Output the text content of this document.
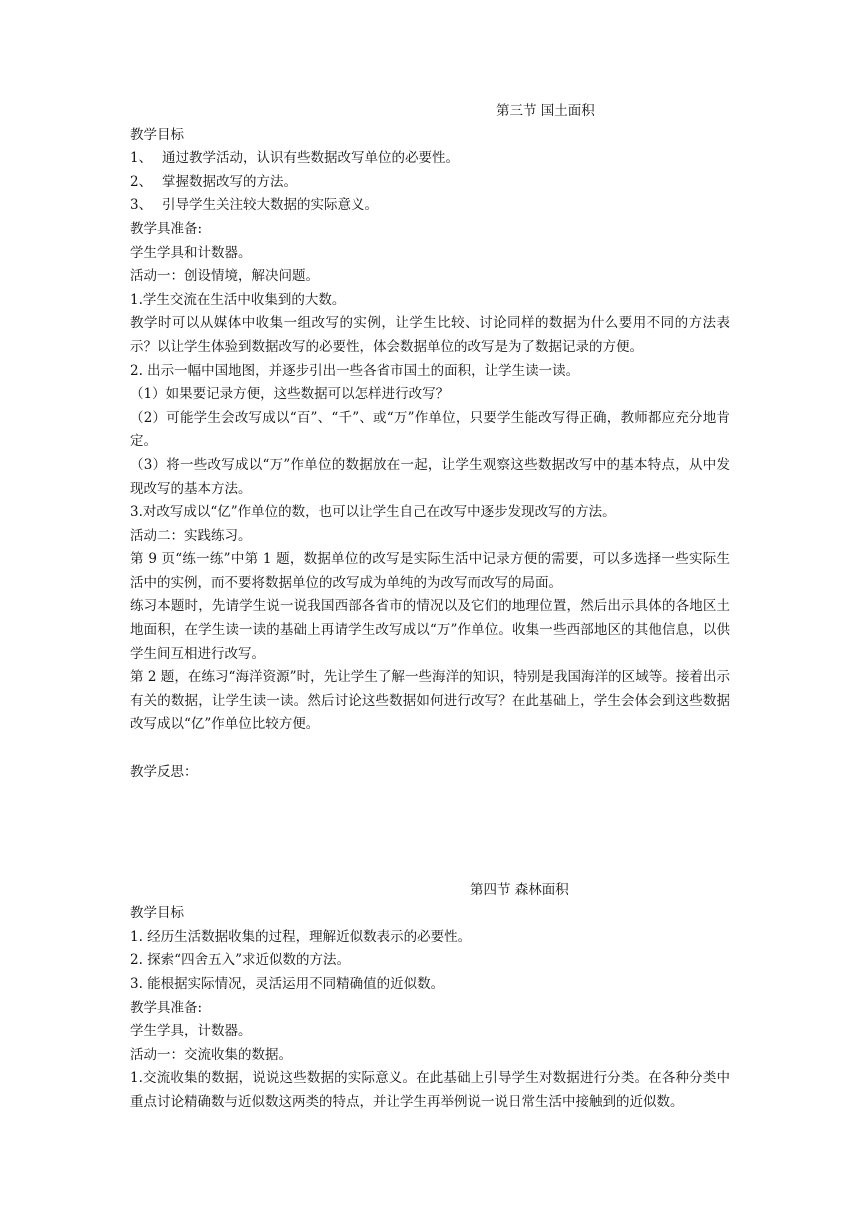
第三节 国土面积

教学目标

1、 通过教学活动，认识有些数据改写单位的必要性。

2、 掌握数据改写的方法。

3、 引导学生关注较大数据的实际意义。

教学具准备:

学生学具和计数器。

活动一：创设情境，解决问题。

1.学生交流在生活中收集到的大数。

教学时可以从媒体中收集一组改写的实例，让学生比较、讨论同样的数据为什么要用不同的方法表示？以让学生体验到数据改写的必要性，体会数据单位的改写是为了数据记录的方便。

2. 出示一幅中国地图，并逐步引出一些各省市国土的面积，让学生读一读。

（1）如果要记录方便，这些数据可以怎样进行改写？

（2）可能学生会改写成以“百”、“千”、或“万”作单位，只要学生能改写得正确，教师都应充分地肯定。

（3）将一些改写成以“万”作单位的数据放在一起，让学生观察这些数据改写中的基本特点，从中发现改写的基本方法。

3.对改写成以“亿”作单位的数，也可以让学生自己在改写中逐步发现改写的方法。

活动二：实践练习。

第 9 页“练一练”中第 1 题，数据单位的改写是实际生活中记录方便的需要，可以多选择一些实际生活中的实例，而不要将数据单位的改写成为单纯的为改写而改写的局面。

练习本题时，先请学生说一说我国西部各省市的情况以及它们的地理位置，然后出示具体的各地区土地面积，在学生读一读的基础上再请学生改写成以“万”作单位。收集一些西部地区的其他信息，以供学生间互相进行改写。

第 2 题，在练习“海洋资源”时，先让学生了解一些海洋的知识，特别是我国海洋的区域等。接着出示有关的数据，让学生读一读。然后讨论这些数据如何进行改写？在此基础上，学生会体会到这些数据改写成以“亿”作单位比较方便。

教学反思：

第四节 森林面积

教学目标

1. 经历生活数据收集的过程，理解近似数表示的必要性。

2. 探索“四舍五入”求近似数的方法。

3. 能根据实际情况，灵活运用不同精确值的近似数。

教学具准备:

学生学具，计数器。

活动一：交流收集的数据。

1.交流收集的数据，说说这些数据的实际意义。在此基础上引导学生对数据进行分类。在各种分类中重点讨论精确数与近似数这两类的特点，并让学生再举例说一说日常生活中接触到的近似数。
